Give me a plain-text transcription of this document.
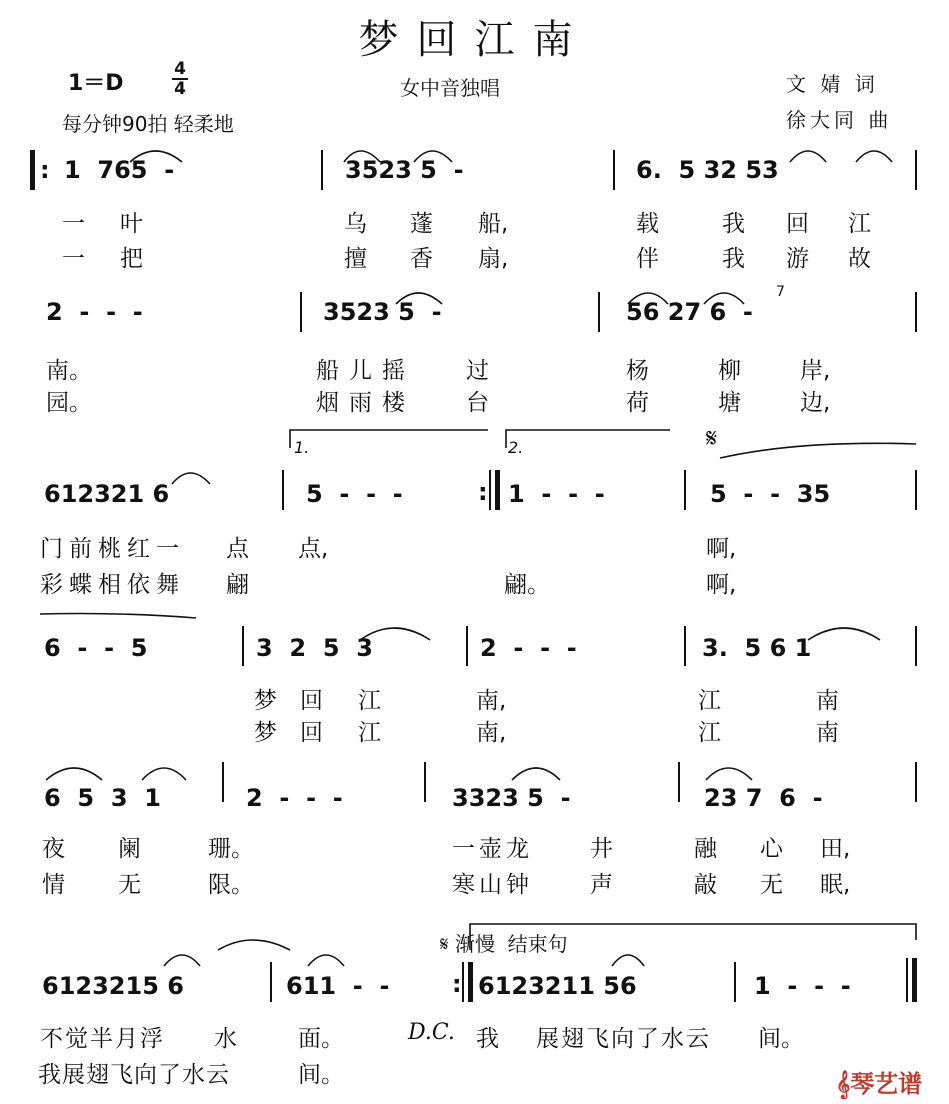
梦回江南
1＝D
4
4	女中音独唱
每分钟90拍 轻柔地
文 婧 词
徐大同 曲
: 1  765  -	3523 5  -	6.  5 32 53
一 叶	乌 蓬 船,	载	我 回 江
一 把	擅 香 扇,	伴	我 游 故
2  -  -  -	3523 5  -	56 27 6  -
7
南。	船儿摇 过	杨	柳	岸,
园。	烟雨楼 台	荷	塘	边,
612321 6
1.
5  -  -  -	:
2.
1  -  -  -
𝄋
5  -  -  35
门前桃红一 点 点,	啊,
彩蝶相依舞 翩	翩。	啊,
6  -  -  5	3  2  5  3	2  -  -  -	3.  5 6 1
梦 回 江	南,	江	南
梦 回 江	南,	江	南
6  5  3  1	2  -  -  -	3323 5  -	23 7  6  -
夜 阑	珊。	一壶龙 井	融 心 田,
情 无	限。	寒山钟 声	敲 无 眠,
𝄋 渐慢  结束句
6123215 6	611  -  -	: 6123211 56	1  -  -  -
不觉半月浮 水	面。	D.C. 我 展翅飞向了水云 间。
我展翅飞向了水云	间。	𝄞琴艺谱
